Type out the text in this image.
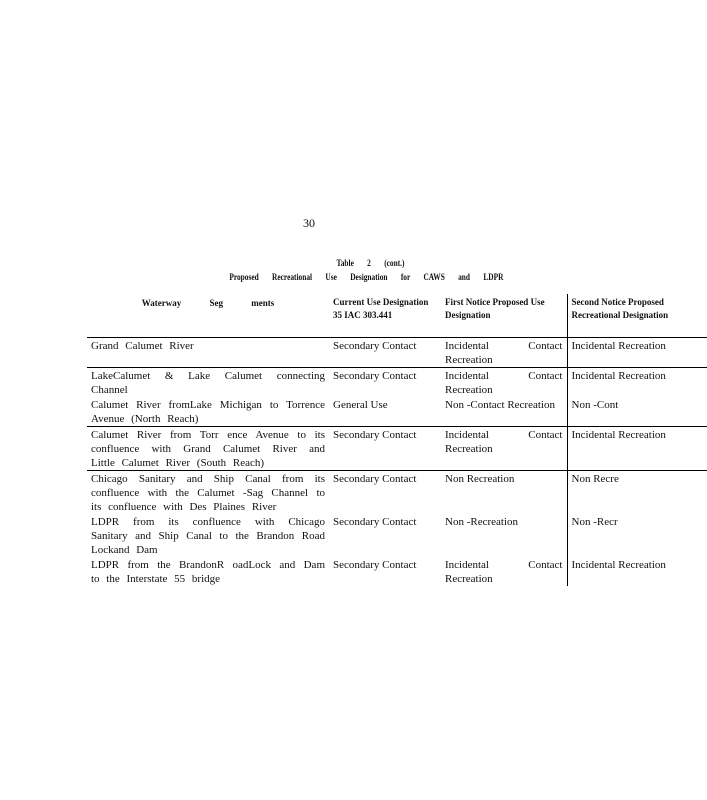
30
Table 2 (cont.)
Proposed Recreational Use Designation for CAWS and LDPR
Waterway Seg ments	Current Use Designation 35 IAC 303.441	First Notice Proposed Use Designation	Second Notice Proposed Recreational Designation
Grand Calumet River	Secondary Contact	Incidental Contact Recreation	Incidental Recreation
LakeCalumet & Lake Calumet connecting Channel	Secondary Contact	Incidental Contact Recreation	Incidental Recreation
Calumet River fromLake Michigan to Torrence Avenue (North Reach)	General Use	Non -Contact Recreation	Non -Cont
Calumet River from Torr ence Avenue to its confluence with Grand Calumet River and Little Calumet River (South Reach)	Secondary Contact	Incidental Contact Recreation	Incidental Recreation
Chicago Sanitary and Ship Canal from its confluence with the Calumet -Sag Channel to its confluence with Des Plaines River	Secondary Contact	Non Recreation	Non Recre
LDPR from its confluence with Chicago Sanitary and Ship Canal to the Brandon Road Lockand Dam	Secondary Contact	Non -Recreation	Non -Recr
LDPR from the BrandonR oadLock and Dam to the Interstate 55 bridge	Secondary Contact	Incidental Contact Recreation	Incidental Recreation
